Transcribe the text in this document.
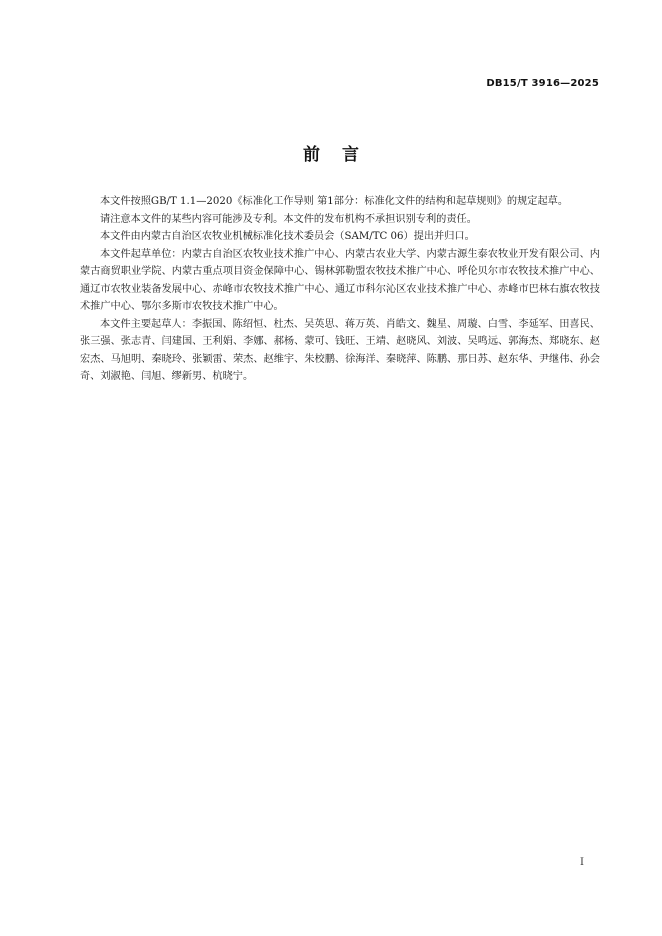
DB15/T 3916—2025
前言

本文件按照GB/T 1.1—2020《标准化工作导则 第1部分：标准化文件的结构和起草规则》的规定起草。

请注意本文件的某些内容可能涉及专利。本文件的发布机构不承担识别专利的责任。

本文件由内蒙古自治区农牧业机械标准化技术委员会（SAM/TC 06）提出并归口。

本文件起草单位：内蒙古自治区农牧业技术推广中心、内蒙古农业大学、内蒙古源生泰农牧业开发有限公司、内蒙古商贸职业学院、内蒙古重点项目资金保障中心、锡林郭勒盟农牧技术推广中心、呼伦贝尔市农牧技术推广中心、通辽市农牧业装备发展中心、赤峰市农牧技术推广中心、通辽市科尔沁区农业技术推广中心、赤峰市巴林右旗农牧技术推广中心、鄂尔多斯市农牧技术推广中心。

本文件主要起草人：李振国、陈绍恒、杜杰、吴英思、蒋万英、肖皓文、魏星、周璇、白雪、李延军、田喜民、张三强、张志青、闫建国、王利娟、李娜、郝杨、蒙可、钱旺、王靖、赵晓风、刘波、吴鸣远、郭海杰、郑晓东、赵宏杰、马旭明、秦晓玲、张颖雷、荣杰、赵维宇、朱校鹏、徐海洋、秦晓萍、陈鹏、那日苏、赵东华、尹继伟、孙会奇、刘淑艳、闫旭、缪新男、杭晓宁。

I
